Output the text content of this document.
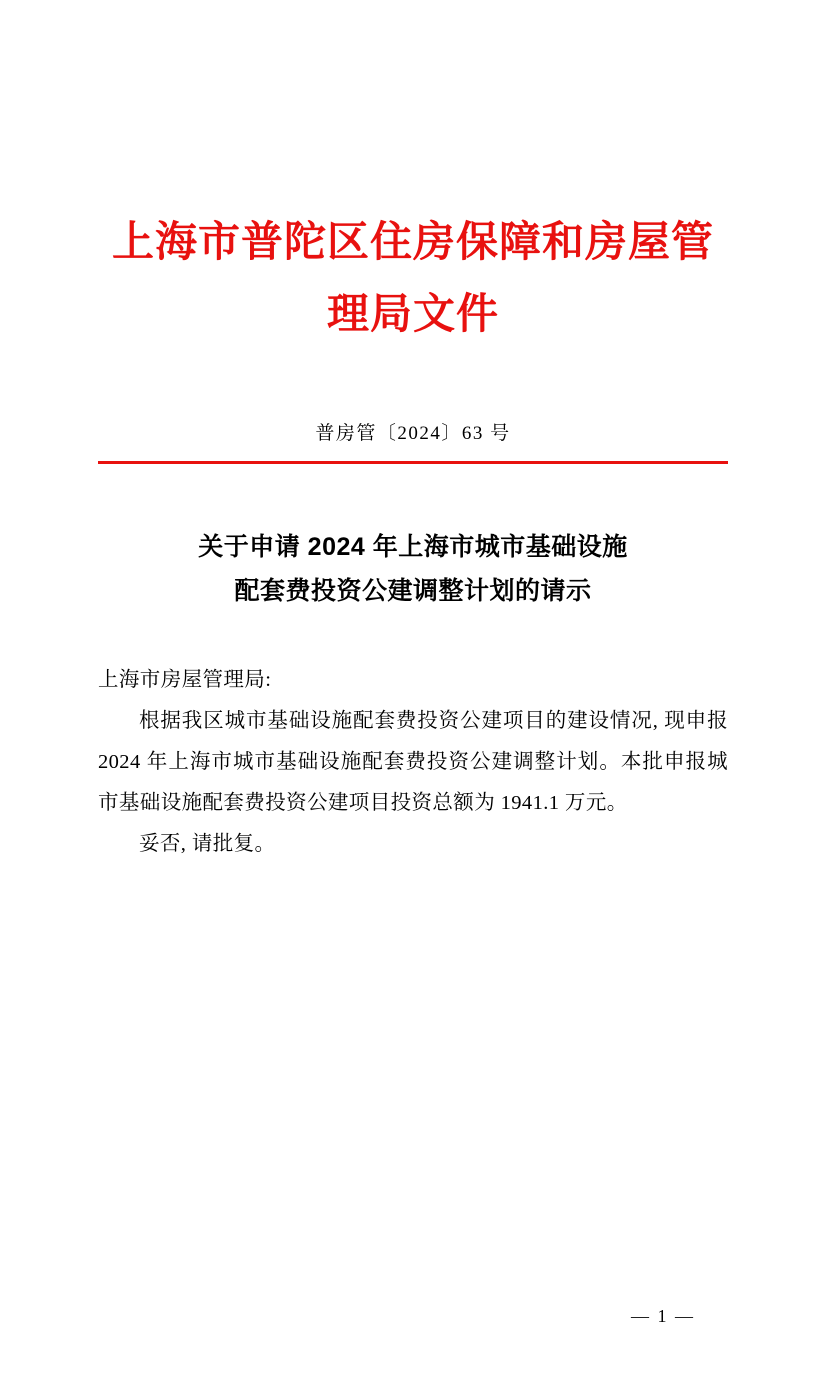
上海市普陀区住房保障和房屋管理局文件
普房管〔2024〕63 号
关于申请 2024 年上海市城市基础设施
配套费投资公建调整计划的请示

上海市房屋管理局:

根据我区城市基础设施配套费投资公建项目的建设情况, 现申报 2024 年上海市城市基础设施配套费投资公建调整计划。本批申报城市基础设施配套费投资公建项目投资总额为 1941.1 万元。

妥否, 请批复。

— 1 —
